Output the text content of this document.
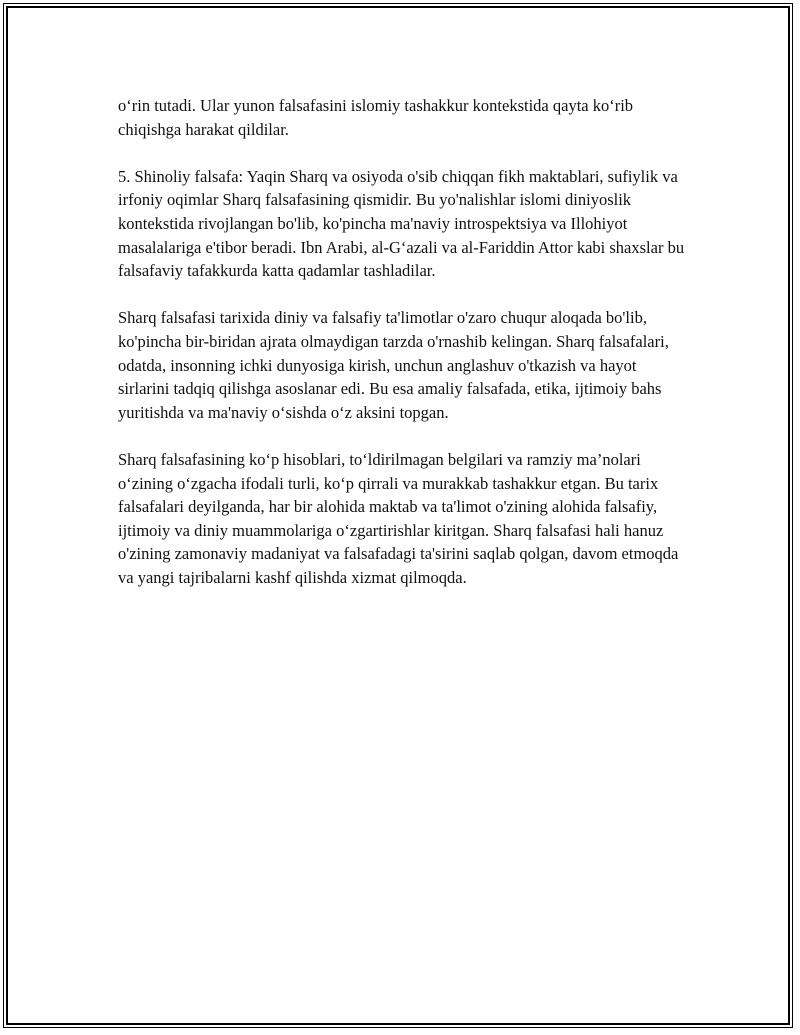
o‘rin tutadi. Ular yunon falsafasini islomiy tashakkur kontekstida qayta ko‘rib chiqishga harakat qildilar.

5. Shinoliy falsafa: Yaqin Sharq va osiyoda o'sib chiqqan fikh maktablari, sufiylik va irfoniy oqimlar Sharq falsafasining qismidir. Bu yo'nalishlar islomi diniyoslik kontekstida rivojlangan bo'lib, ko'pincha ma'naviy introspektsiya va Illohiyot masalalariga e'tibor beradi. Ibn Arabi, al-G‘azali va al-Fariddin Attor kabi shaxslar bu falsafaviy tafakkurda katta qadamlar tashladilar.

Sharq falsafasi tarixida diniy va falsafiy ta'limotlar o'zaro chuqur aloqada bo'lib, ko'pincha bir-biridan ajrata olmaydigan tarzda o'rnashib kelingan. Sharq falsafalari, odatda, insonning ichki dunyosiga kirish, unchun anglashuv o'tkazish va hayot sirlarini tadqiq qilishga asoslanar edi. Bu esa amaliy falsafada, etika, ijtimoiy bahs yuritishda va ma'naviy o‘sishda o‘z aksini topgan.

Sharq falsafasining ko‘p hisoblari, to‘ldirilmagan belgilari va ramziy ma’nolari o‘zining o‘zgacha ifodali turli, ko‘p qirrali va murakkab tashakkur etgan. Bu tarix falsafalari deyilganda, har bir alohida maktab va ta'limot o'zining alohida falsafiy, ijtimoiy va diniy muammolariga o‘zgartirishlar kiritgan. Sharq falsafasi hali hanuz o'zining zamonaviy madaniyat va falsafadagi ta'sirini saqlab qolgan, davom etmoqda va yangi tajribalarni kashf qilishda xizmat qilmoqda.
